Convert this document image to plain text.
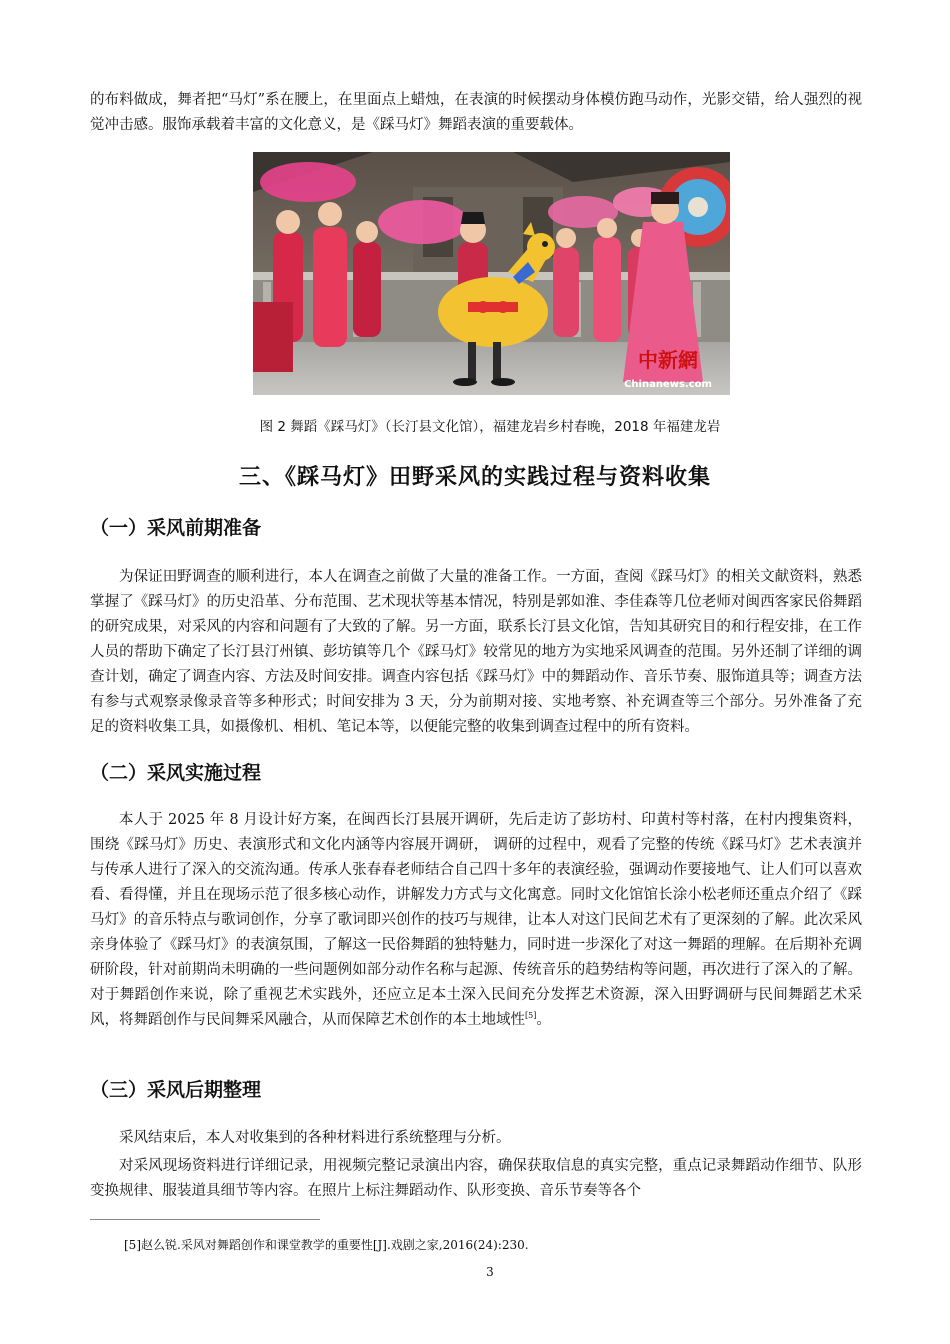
的布料做成，舞者把“马灯”系在腰上，在里面点上蜡烛，在表演的时候摆动身体模仿跑马动作，光影交错，给人强烈的视觉冲击感。服饰承载着丰富的文化意义，是《踩马灯》舞蹈表演的重要载体。

中新網
Chinanews.com

图 2 舞蹈《踩马灯》（长汀县文化馆），福建龙岩乡村春晚，2018 年福建龙岩

三、《踩马灯》田野采风的实践过程与资料收集
（一）采风前期准备

为保证田野调查的顺利进行，本人在调查之前做了大量的准备工作。一方面，查阅《踩马灯》的相关文献资料，熟悉掌握了《踩马灯》的历史沿革、分布范围、艺术现状等基本情况，特别是郭如淮、李佳森等几位老师对闽西客家民俗舞蹈的研究成果，对采风的内容和问题有了大致的了解。另一方面，联系长汀县文化馆，告知其研究目的和行程安排，在工作人员的帮助下确定了长汀县汀州镇、彭坊镇等几个《踩马灯》较常见的地方为实地采风调查的范围。另外还制了详细的调查计划，确定了调查内容、方法及时间安排。调查内容包括《踩马灯》中的舞蹈动作、音乐节奏、服饰道具等；调查方法有参与式观察录像录音等多种形式；时间安排为 3 天，分为前期对接、实地考察、补充调查等三个部分。另外准备了充足的资料收集工具，如摄像机、相机、笔记本等，以便能完整的收集到调查过程中的所有资料。

（二）采风实施过程

本人于 2025 年 8 月设计好方案，在闽西长汀县展开调研，先后走访了彭坊村、印黄村等村落，在村内搜集资料，围绕《踩马灯》历史、表演形式和文化内涵等内容展开调研， 调研的过程中，观看了完整的传统《踩马灯》艺术表演并与传承人进行了深入的交流沟通。传承人张春春老师结合自己四十多年的表演经验，强调动作要接地气、让人们可以喜欢看、看得懂，并且在现场示范了很多核心动作，讲解发力方式与文化寓意。同时文化馆馆长涂小松老师还重点介绍了《踩马灯》的音乐特点与歌词创作，分享了歌词即兴创作的技巧与规律，让本人对这门民间艺术有了更深刻的了解。此次采风亲身体验了《踩马灯》的表演氛围，了解这一民俗舞蹈的独特魅力，同时进一步深化了对这一舞蹈的理解。在后期补充调研阶段，针对前期尚未明确的一些问题例如部分动作名称与起源、传统音乐的趋势结构等问题，再次进行了深入的了解。对于舞蹈创作来说，除了重视艺术实践外，还应立足本土深入民间充分发挥艺术资源，深入田野调研与民间舞蹈艺术采风，将舞蹈创作与民间舞采风融合，从而保障艺术创作的本土地域性[5]。

（三）采风后期整理

采风结束后，本人对收集到的各种材料进行系统整理与分析。

对采风现场资料进行详细记录，用视频完整记录演出内容，确保获取信息的真实完整，重点记录舞蹈动作细节、队形变换规律、服装道具细节等内容。在照片上标注舞蹈动作、队形变换、音乐节奏等各个

[5]赵么锐.采风对舞蹈创作和课堂教学的重要性[J].戏剧之家,2016(24):230.

3
